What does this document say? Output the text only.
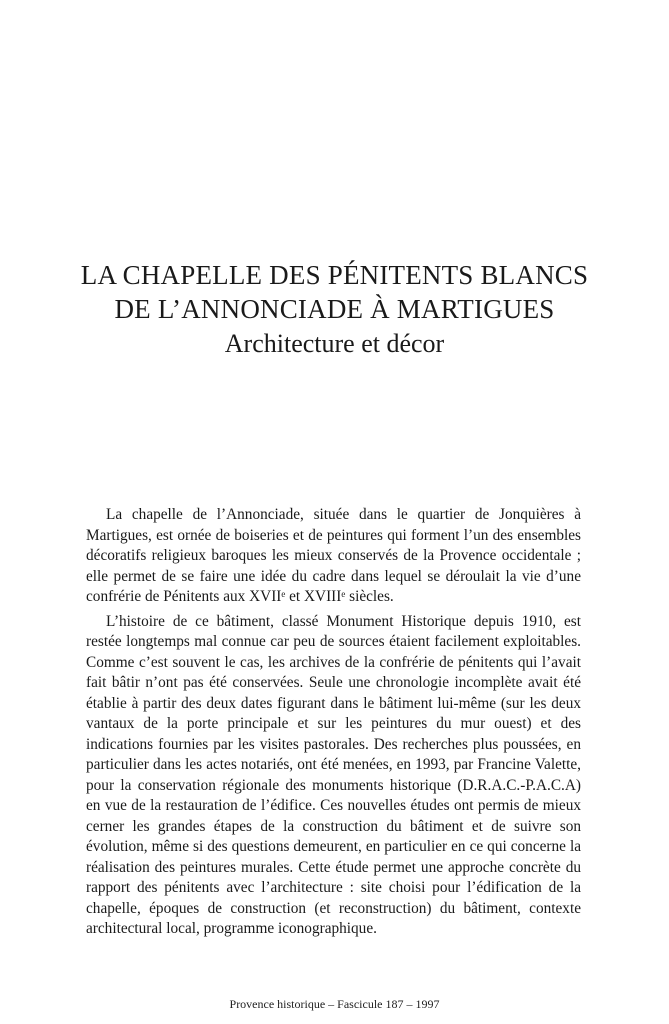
LA CHAPELLE DES PÉNITENTS BLANCS
DE L’ANNONCIADE À MARTIGUES
Architecture et décor

La chapelle de l’Annonciade, située dans le quartier de Jonquières à Martigues, est ornée de boiseries et de peintures qui forment l’un des ensembles décoratifs religieux baroques les mieux conservés de la Provence occidentale ; elle permet de se faire une idée du cadre dans lequel se déroulait la vie d’une confrérie de Pénitents aux XVIIᵉ et XVIIIᵉ siècles.

L’histoire de ce bâtiment, classé Monument Historique depuis 1910, est restée longtemps mal connue car peu de sources étaient facilement exploitables. Comme c’est souvent le cas, les archives de la confrérie de pénitents qui l’avait fait bâtir n’ont pas été conservées. Seule une chronologie incomplète avait été établie à partir des deux dates figurant dans le bâtiment lui-même (sur les deux vantaux de la porte principale et sur les peintures du mur ouest) et des indications fournies par les visites pastorales. Des recherches plus poussées, en particulier dans les actes notariés, ont été menées, en 1993, par Francine Valette, pour la conservation régionale des monuments historique (D.R.A.C.-P.A.C.A) en vue de la restauration de l’édifice. Ces nouvelles études ont permis de mieux cerner les grandes étapes de la construction du bâtiment et de suivre son évolution, même si des questions demeurent, en particulier en ce qui concerne la réalisation des peintures murales. Cette étude permet une approche concrète du rapport des pénitents avec l’architecture : site choisi pour l’édification de la chapelle, époques de construction (et reconstruction) du bâtiment, contexte architectural local, programme iconographique.

Provence historique – Fascicule 187 – 1997
